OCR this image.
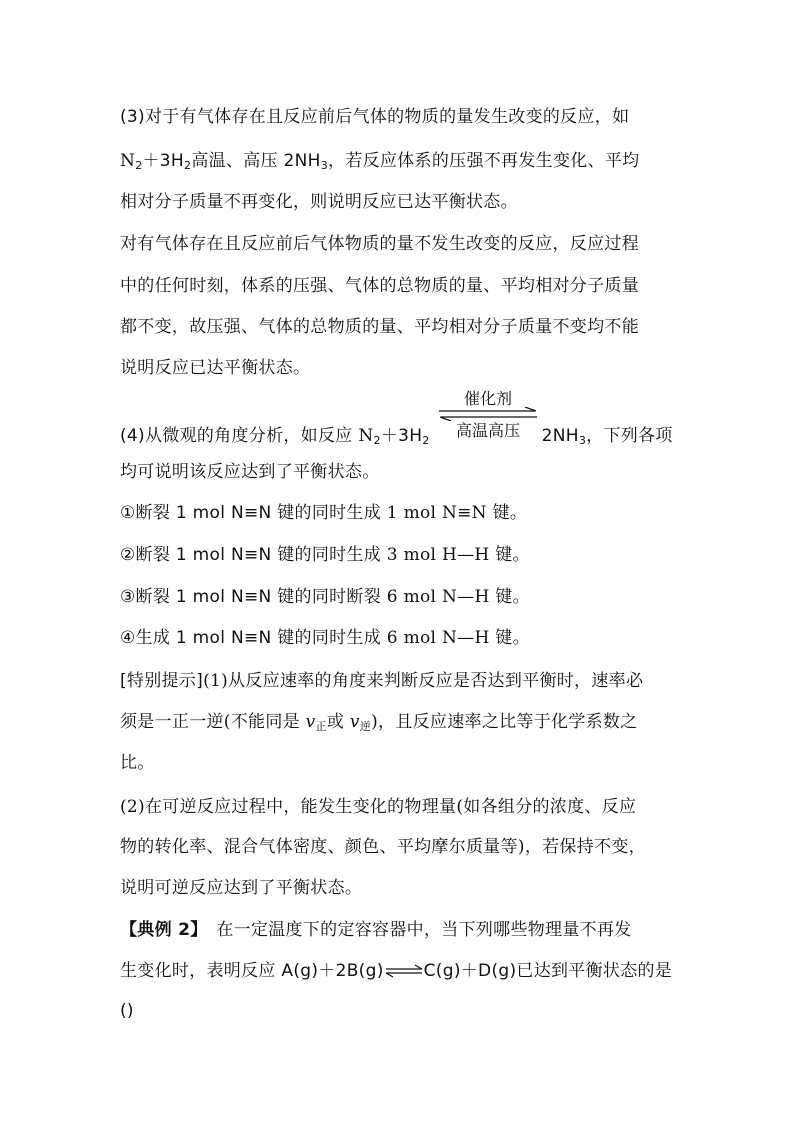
(3)对于有气体存在且反应前后气体的物质的量发生改变的反应，如
$N_2+3H_2$高温、高压 $2NH_3$，若反应体系的压强不再发生变化、平均
相对分子质量不再变化，则说明反应已达平衡状态。
对有气体存在且反应前后气体物质的量不发生改变的反应，反应过程
中的任何时刻，体系的压强、气体的总物质的量、平均相对分子质量
都不变，故压强、气体的总物质的量、平均相对分子质量不变均不能
说明反应已达平衡状态。
催化剂
高温高压
(4)从微观的角度分析，如反应 $N_2+3H_2$	$2NH_3$，下列各项
均可说明该反应达到了平衡状态。
①断裂 1 mol N≡N 键的同时生成 1 mol N≡N 键。
②断裂 1 mol N≡N 键的同时生成 3 mol H—H 键。
③断裂 1 mol N≡N 键的同时断裂 6 mol N—H 键。
④生成 1 mol N≡N 键的同时生成 6 mol N—H 键。
[特别提示](1)从反应速率的角度来判断反应是否达到平衡时，速率必
须是一正一逆(不能同是 $v_正$或 $v_逆$)，且反应速率之比等于化学系数之
比。
(2)在可逆反应过程中，能发生变化的物理量(如各组分的浓度、反应
物的转化率、混合气体密度、颜色、平均摩尔质量等)，若保持不变，
说明可逆反应达到了平衡状态。
【典例 2】　在一定温度下的定容容器中，当下列哪些物理量不再发
生变化时，表明反应 A(g)＋2B(g)⇌C(g)＋D(g)已达到平衡状态的是
()
